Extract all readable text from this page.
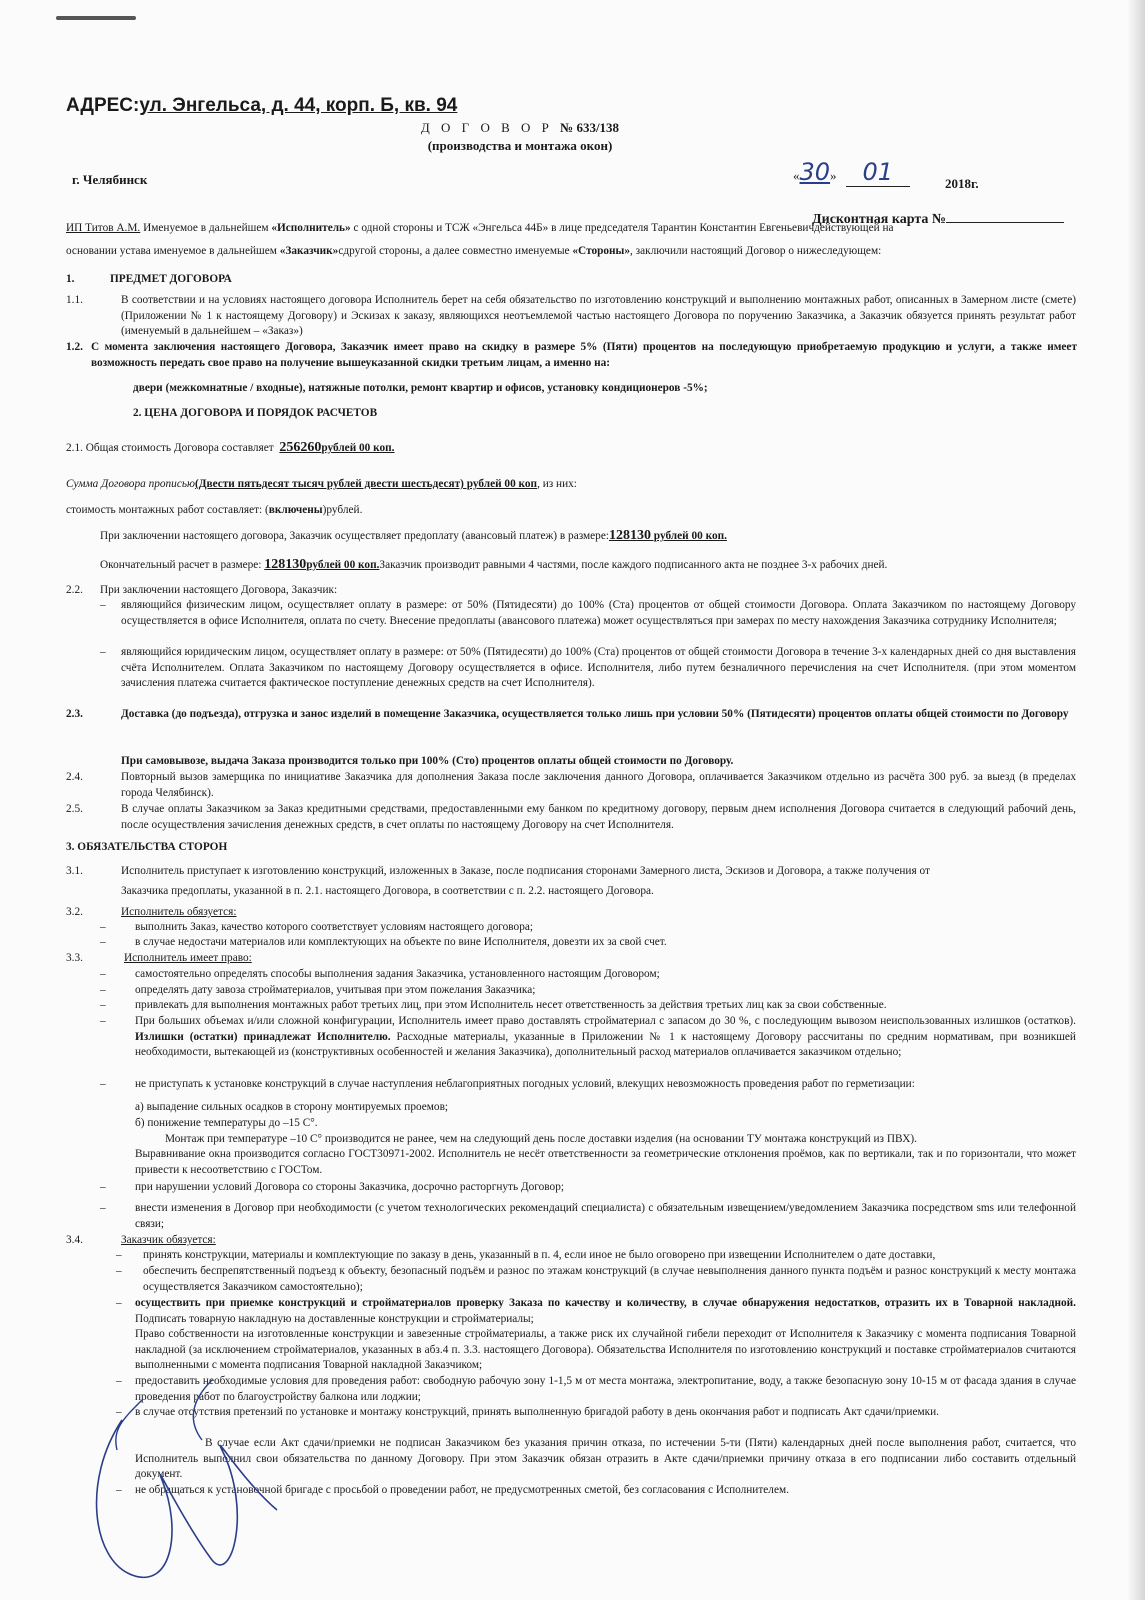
АДРЕС:ул. Энгельса, д. 44, корп. Б, кв. 94
Д О Г О В О Р № 633/138
(производства и монтажа окон)
г. Челябинск	«30» 01	2018г.
Дисконтная карта №
ИП Титов А.М. Именуемое в дальнейшем «Исполнитель» с одной стороны и ТСЖ «Энгельса 44Б» в лице председателя Тарантин Константин Евгеньевичдействующей на
основании устава именуемое в дальнейшем «Заказчик»сдругой стороны, а далее совместно именуемые «Стороны», заключили настоящий Договор о нижеследующем:
1.	ПРЕДМЕТ ДОГОВОРА
1.1.	В соответствии и на условиях настоящего договора Исполнитель берет на себя обязательство по изготовлению конструкций и выполнению монтажных работ, описанных в Замерном листе (смете) (Приложении № 1 к настоящему Договору) и Эскизах к заказу, являющихся неотъемлемой частью настоящего Договора по поручению Заказчика, а Заказчик обязуется принять результат работ (именуемый в дальнейшем – «Заказ»)
1.2. С момента заключения настоящего Договора, Заказчик имеет право на скидку в размере 5% (Пяти) процентов на последующую приобретаемую продукцию и услуги, а также имеет возможность передать свое право на получение вышеуказанной скидки третьим лицам, а именно на:
двери (межкомнатные / входные), натяжные потолки, ремонт квартир и офисов, установку кондиционеров -5%;
2. ЦЕНА ДОГОВОРА И ПОРЯДОК РАСЧЕТОВ
2.1. Общая стоимость Договора составляет 256260рублей 00 коп.
Сумма Договора прописью(Двести пятьдесят тысяч рублей двести шестьдесят) рублей 00 коп, из них:
стоимость монтажных работ составляет: (включены)рублей.
При заключении настоящего договора, Заказчик осуществляет предоплату (авансовый платеж) в размере:128130 рублей 00 коп.
Окончательный расчет в размере: 128130рублей 00 коп.Заказчик производит равными 4 частями, после каждого подписанного акта не позднее 3-х рабочих дней.
2.2. При заключении настоящего Договора, Заказчик:
– являющийся физическим лицом, осуществляет оплату в размере: от 50% (Пятидесяти) до 100% (Ста) процентов от общей стоимости Договора. Оплата Заказчиком по настоящему Договору осуществляется в офисе Исполнителя, оплата по счету. Внесение предоплаты (авансового платежа) может осуществляться при замерах по месту нахождения Заказчика сотруднику Исполнителя;
– являющийся юридическим лицом, осуществляет оплату в размере: от 50% (Пятидесяти) до 100% (Ста) процентов от общей стоимости Договора в течение 3-х календарных дней со дня выставления счёта Исполнителем. Оплата Заказчиком по настоящему Договору осуществляется в офисе. Исполнителя, либо путем безналичного перечисления на счет Исполнителя. (при этом моментом зачисления платежа считается фактическое поступление денежных средств на счет Исполнителя).
2.3.	Доставка (до подъезда), отгрузка и занос изделий в помещение Заказчика, осуществляется только лишь при условии 50% (Пятидесяти) процентов оплаты общей стоимости по Договору
При самовывозе, выдача Заказа производится только при 100% (Сто) процентов оплаты общей стоимости по Договору.
2.4.	Повторный вызов замерщика по инициативе Заказчика для дополнения Заказа после заключения данного Договора, оплачивается Заказчиком отдельно из расчёта 300 руб. за выезд (в пределах города Челябинск).
2.5.	В случае оплаты Заказчиком за Заказ кредитными средствами, предоставленными ему банком по кредитному договору, первым днем исполнения Договора считается в следующий рабочий день, после осуществления зачисления денежных средств, в счет оплаты по настоящему Договору на счет Исполнителя.
3. ОБЯЗАТЕЛЬСТВА СТОРОН
3.1.	Исполнитель приступает к изготовлению конструкций, изложенных в Заказе, после подписания сторонами Замерного листа, Эскизов и Договора, а также получения от
Заказчика предоплаты, указанной в п. 2.1. настоящего Договора, в соответствии с п. 2.2. настоящего Договора.
3.2.	Исполнитель обязуется:
–	выполнить Заказ, качество которого соответствует условиям настоящего договора;
–	в случае недостачи материалов или комплектующих на объекте по вине Исполнителя, довезти их за свой счет.
3.3.	Исполнитель имеет право:
–	самостоятельно определять способы выполнения задания Заказчика, установленного настоящим Договором;
–	определять дату завоза стройматериалов, учитывая при этом пожелания Заказчика;
–	привлекать для выполнения монтажных работ третьих лиц, при этом Исполнитель несет ответственность за действия третьих лиц как за свои собственные.
–	При больших объемах и/или сложной конфигурации, Исполнитель имеет право доставлять стройматериал с запасом до 30 %, с последующим вывозом неиспользованных излишков (остатков). Излишки (остатки) принадлежат Исполнителю. Расходные материалы, указанные в Приложении № 1 к настоящему Договору рассчитаны по средним нормативам, при возникшей необходимости, вытекающей из (конструктивных особенностей и желания Заказчика), дополнительный расход материалов оплачивается заказчиком отдельно;
–	не приступать к установке конструкций в случае наступления неблагоприятных погодных условий, влекущих невозможность проведения работ по герметизации:
а) выпадение сильных осадков в сторону монтируемых проемов;
б) понижение температуры до –15 С°.
Монтаж при температуре –10 С° производится не ранее, чем на следующий день после доставки изделия (на основании ТУ монтажа конструкций из ПВХ).
Выравнивание окна производится согласно ГОСТ30971-2002. Исполнитель не несёт ответственности за геометрические отклонения проёмов, как по вертикали, так и по горизонтали, что может привести к несоответствию с ГОСТом.
–	при нарушении условий Договора со стороны Заказчика, досрочно расторгнуть Договор;
–	внести изменения в Договор при необходимости (с учетом технологических рекомендаций специалиста) с обязательным извещением/уведомлением Заказчика посредством sms или телефонной связи;
3.4.	Заказчик обязуется:
– принять конструкции, материалы и комплектующие по заказу в день, указанный в п. 4, если иное не было оговорено при извещении Исполнителем о дате доставки,
– обеспечить беспрепятственный подъезд к объекту, безопасный подъём и разнос по этажам конструкций (в случае невыполнения данного пункта подъём и разнос конструкций к месту монтажа осуществляется Заказчиком самостоятельно);
– осуществить при приемке конструкций и стройматериалов проверку Заказа по качеству и количеству, в случае обнаружения недостатков, отразить их в Товарной накладной. Подписать товарную накладную на доставленные конструкции и стройматериалы;
Право собственности на изготовленные конструкции и завезенные стройматериалы, а также риск их случайной гибели переходит от Исполнителя к Заказчику с момента подписания Товарной накладной (за исключением стройматериалов, указанных в абз.4 п. 3.3. настоящего Договора). Обязательства Исполнителя по изготовлению конструкций и поставке стройматериалов считаются выполненными с момента подписания Товарной накладной Заказчиком;
– предоставить необходимые условия для проведения работ: свободную рабочую зону 1-1,5 м от места монтажа, электропитание, воду, а также безопасную зону 10-15 м от фасада здания в случае проведения работ по благоустройству балкона или лоджии;
– в случае отсутствия претензий по установке и монтажу конструкций, принять выполненную бригадой работу в день окончания работ и подписать Акт сдачи/приемки.
В случае если Акт сдачи/приемки не подписан Заказчиком без указания причин отказа, по истечении 5-ти (Пяти) календарных дней после выполнения работ, считается, что Исполнитель выполнил свои обязательства по данному Договору. При этом Заказчик обязан отразить в Акте сдачи/приемки причину отказа в его подписании либо составить отдельный документ.
– не обращаться к установочной бригаде с просьбой о проведении работ, не предусмотренных сметой, без согласования с Исполнителем.
